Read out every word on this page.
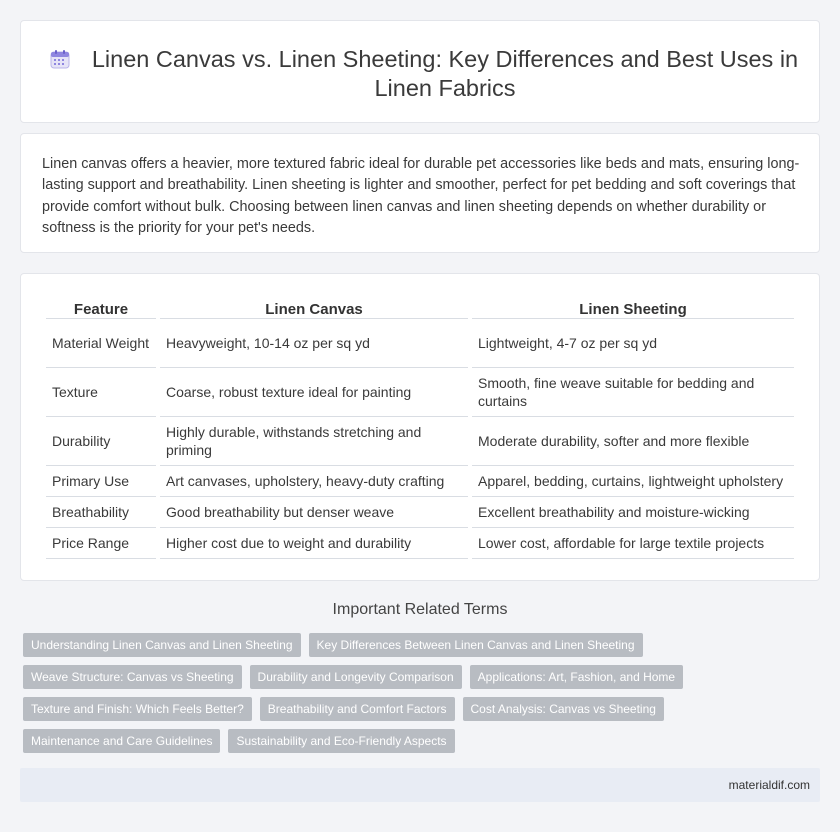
Linen Canvas vs. Linen Sheeting: Key Differences and Best Uses in Linen Fabrics

Linen canvas offers a heavier, more textured fabric ideal for durable pet accessories like beds and mats, ensuring long-lasting support and breathability. Linen sheeting is lighter and smoother, perfect for pet bedding and soft coverings that provide comfort without bulk. Choosing between linen canvas and linen sheeting depends on whether durability or softness is the priority for your pet's needs.

Feature	Linen Canvas	Linen Sheeting
Material Weight	Heavyweight, 10-14 oz per sq yd	Lightweight, 4-7 oz per sq yd
Texture	Coarse, robust texture ideal for painting	Smooth, fine weave suitable for bedding and curtains
Durability	Highly durable, withstands stretching and priming	Moderate durability, softer and more flexible
Primary Use	Art canvases, upholstery, heavy-duty crafting	Apparel, bedding, curtains, lightweight upholstery
Breathability	Good breathability but denser weave	Excellent breathability and moisture-wicking
Price Range	Higher cost due to weight and durability	Lower cost, affordable for large textile projects
Important Related Terms
Understanding Linen Canvas and Linen Sheeting	Key Differences Between Linen Canvas and Linen Sheeting
Weave Structure: Canvas vs Sheeting	Durability and Longevity Comparison	Applications: Art, Fashion, and Home
Texture and Finish: Which Feels Better?	Breathability and Comfort Factors	Cost Analysis: Canvas vs Sheeting
Maintenance and Care Guidelines	Sustainability and Eco-Friendly Aspects
materialdif.com
